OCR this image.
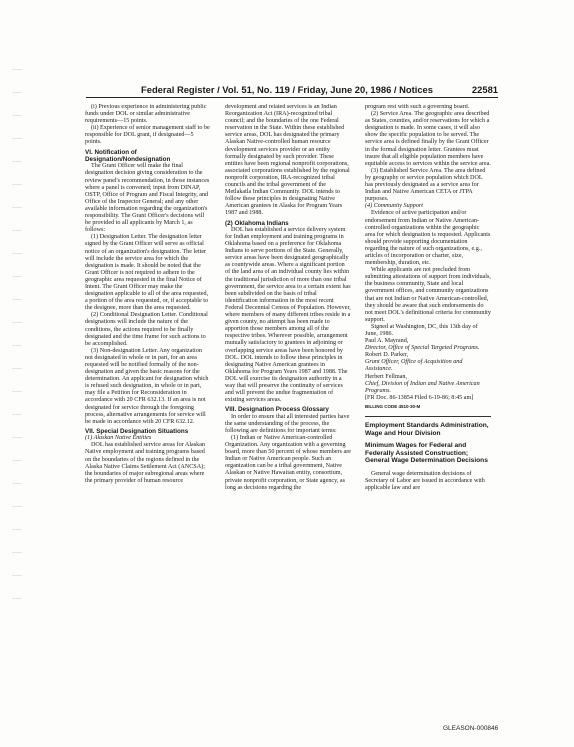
Federal Register / Vol. 51, No. 119 / Friday, June 20, 1986 / Notices	22581

(i) Previous experience in administering public funds under DOL or similar administrative requirements—15 points.

(ii) Experience of senior management staff to be responsible for DOL grant, if designated—5 points.

VI. Notification of Designation/Nondesignation

The Grant Officer will make the final designation decision giving consideration to the review panel's recommendation, in those instances where a panel is convened; input from DINAP, OSTP, Office of Program and Fiscal Integrity, and Office of the Inspector General; and any other available information regarding the organization's responsibility. The Grant Officer's decisions will be provided to all applicants by March 1, as follows:

(1) Designation Letter. The designation letter signed by the Grant Officer will serve as official notice of an organization's designation. The letter will include the service area for which the designation is made. It should be noted that the Grant Officer is not required to adhere to the geographic area requested in the final Notice of Intent. The Grant Officer may make the designation applicable to all of the area requested, a portion of the area requested, or, if acceptable to the designee, more than the area requested.

(2) Conditional Designation Letter. Conditional designations will include the nature of the conditions, the actions required to be finally designated and the time frame for such actions to be accomplished.

(3) Non-designation Letter. Any organization not designated in whole or in part, for an area requested will be notified formally of the non-designation and given the basic reasons for the determination. An applicant for designation which is refused such designation, in whole or in part, may file a Petition for Reconsideration in accordance with 20 CFR 632.13. If an area is not designated for service through the foregoing process, alternative arrangements for service will be made in accordance with 20 CFR 632.12.

VII. Special Designation Situations

(1) Alaskan Native Entities

DOL has established service areas for Alaskan Native employment and training programs based on the boundaries of the regions defined in the Alaska Native Claims Settlement Act (ANCSA); the boundaries of major subregional areas where the primary provider of human resource

development and related services is an Indian Reorganization Act (IRA)-recognized tribal council; and the boundaries of the one Federal reservation in the State. Within these established service areas, DOL has designated the primary Alaskan Native-controlled human resource development services provider or an entity formally designated by such provider. These entities have been regional nonprofit corporations, associated corporations established by the regional nonprofit corporation, IRA-recognized tribal councils and the tribal government of the Metlakatla Indian Community. DOL intends to follow these principles in designating Native American grantees in Alaska for Program Years 1987 and 1988.

(2) Oklahoma Indians

DOL has established a service delivery system for Indian employment and training programs in Oklahoma based on a preference for Oklahoma Indians to serve portions of the State. Generally, service areas have been designated geographically as countywide areas. Where a significant portion of the land area of an individual county lies within the traditional jurisdiction of more than one tribal government, the service area to a certain extent has been subdivided on the basis of tribal identification information in the most recent Federal Decennial Census of Population. However, where members of many different tribes reside in a given county, no attempt has been made to apportion those members among all of the respective tribes. Wherever possible, arrangement mutually satisfactory to grantees in adjoining or overlapping service areas have been honored by DOL. DOL intends to follow these principles in designating Native American grantees in Oklahoma for Program Years 1987 and 1988. The DOL will exercise its designation authority in a way that will preserve the continuity of services and will prevent the undue fragmentation of existing services areas.

VIII. Designation Process Glossary

In order to ensure that all interested parties have the same understanding of the process, the following are definitions for important terms:

(1) Indian or Native American-controlled Organization. Any organization with a governing board, more than 50 percent of whose members are Indian or Native American people. Such an organization can be a tribal government, Native Alaskan or Native Hawaiian entity, consortium, private nonprofit corporation, or State agency, as long as decisions regarding the

program rest with such a governing board.

(2) Service Area. The geographic area described as States, counties, and/or reservations for which a designation is made. In some cases, it will also show the specific population to be served. The service area is defined finally by the Grant Officer in the formal designation letter. Grantees must insure that all eligible population members have equitable access to services within the service area.

(3) Established Service Area. The area defined by geography or service population which DOL has previously designated as a service area for Indian and Native American CETA or JTPA purposes.

(4) Community Support

Evidence of active participation and/or endorsement from Indian or Native American-controlled organizations within the geographic area for which designation is requested. Applicants should provide supporting documentation regarding the nature of such organizations, e.g., articles of incorporation or charter, size, membership, duration, etc.

While applicants are not precluded from submitting attestations of support from individuals, the business community, State and local government offices, and community organizations that are not Indian or Native American-controlled, they should be aware that such endorsements do not meet DOL's definitional criteria for community support.

Signed at Washington, DC, this 13th day of June, 1986.

Paul A. Mayrand,

Director, Office of Special Targeted Programs.

Robert D. Parker,

Grant Officer, Office of Acquisition and Assistance.

Herbert Fellman,

Chief, Division of Indian and Native American Programs.

[FR Doc. 86-13854 Filed 6-19-86; 8:45 am]

BILLING CODE 4510-30-M

Employment Standards Administration, Wage and Hour Division

Minimum Wages for Federal and Federally Assisted Construction; General Wage Determination Decisions

General wage determination decisions of Secretary of Labor are issued in accordance with applicable law and are

GLEASON-000846
